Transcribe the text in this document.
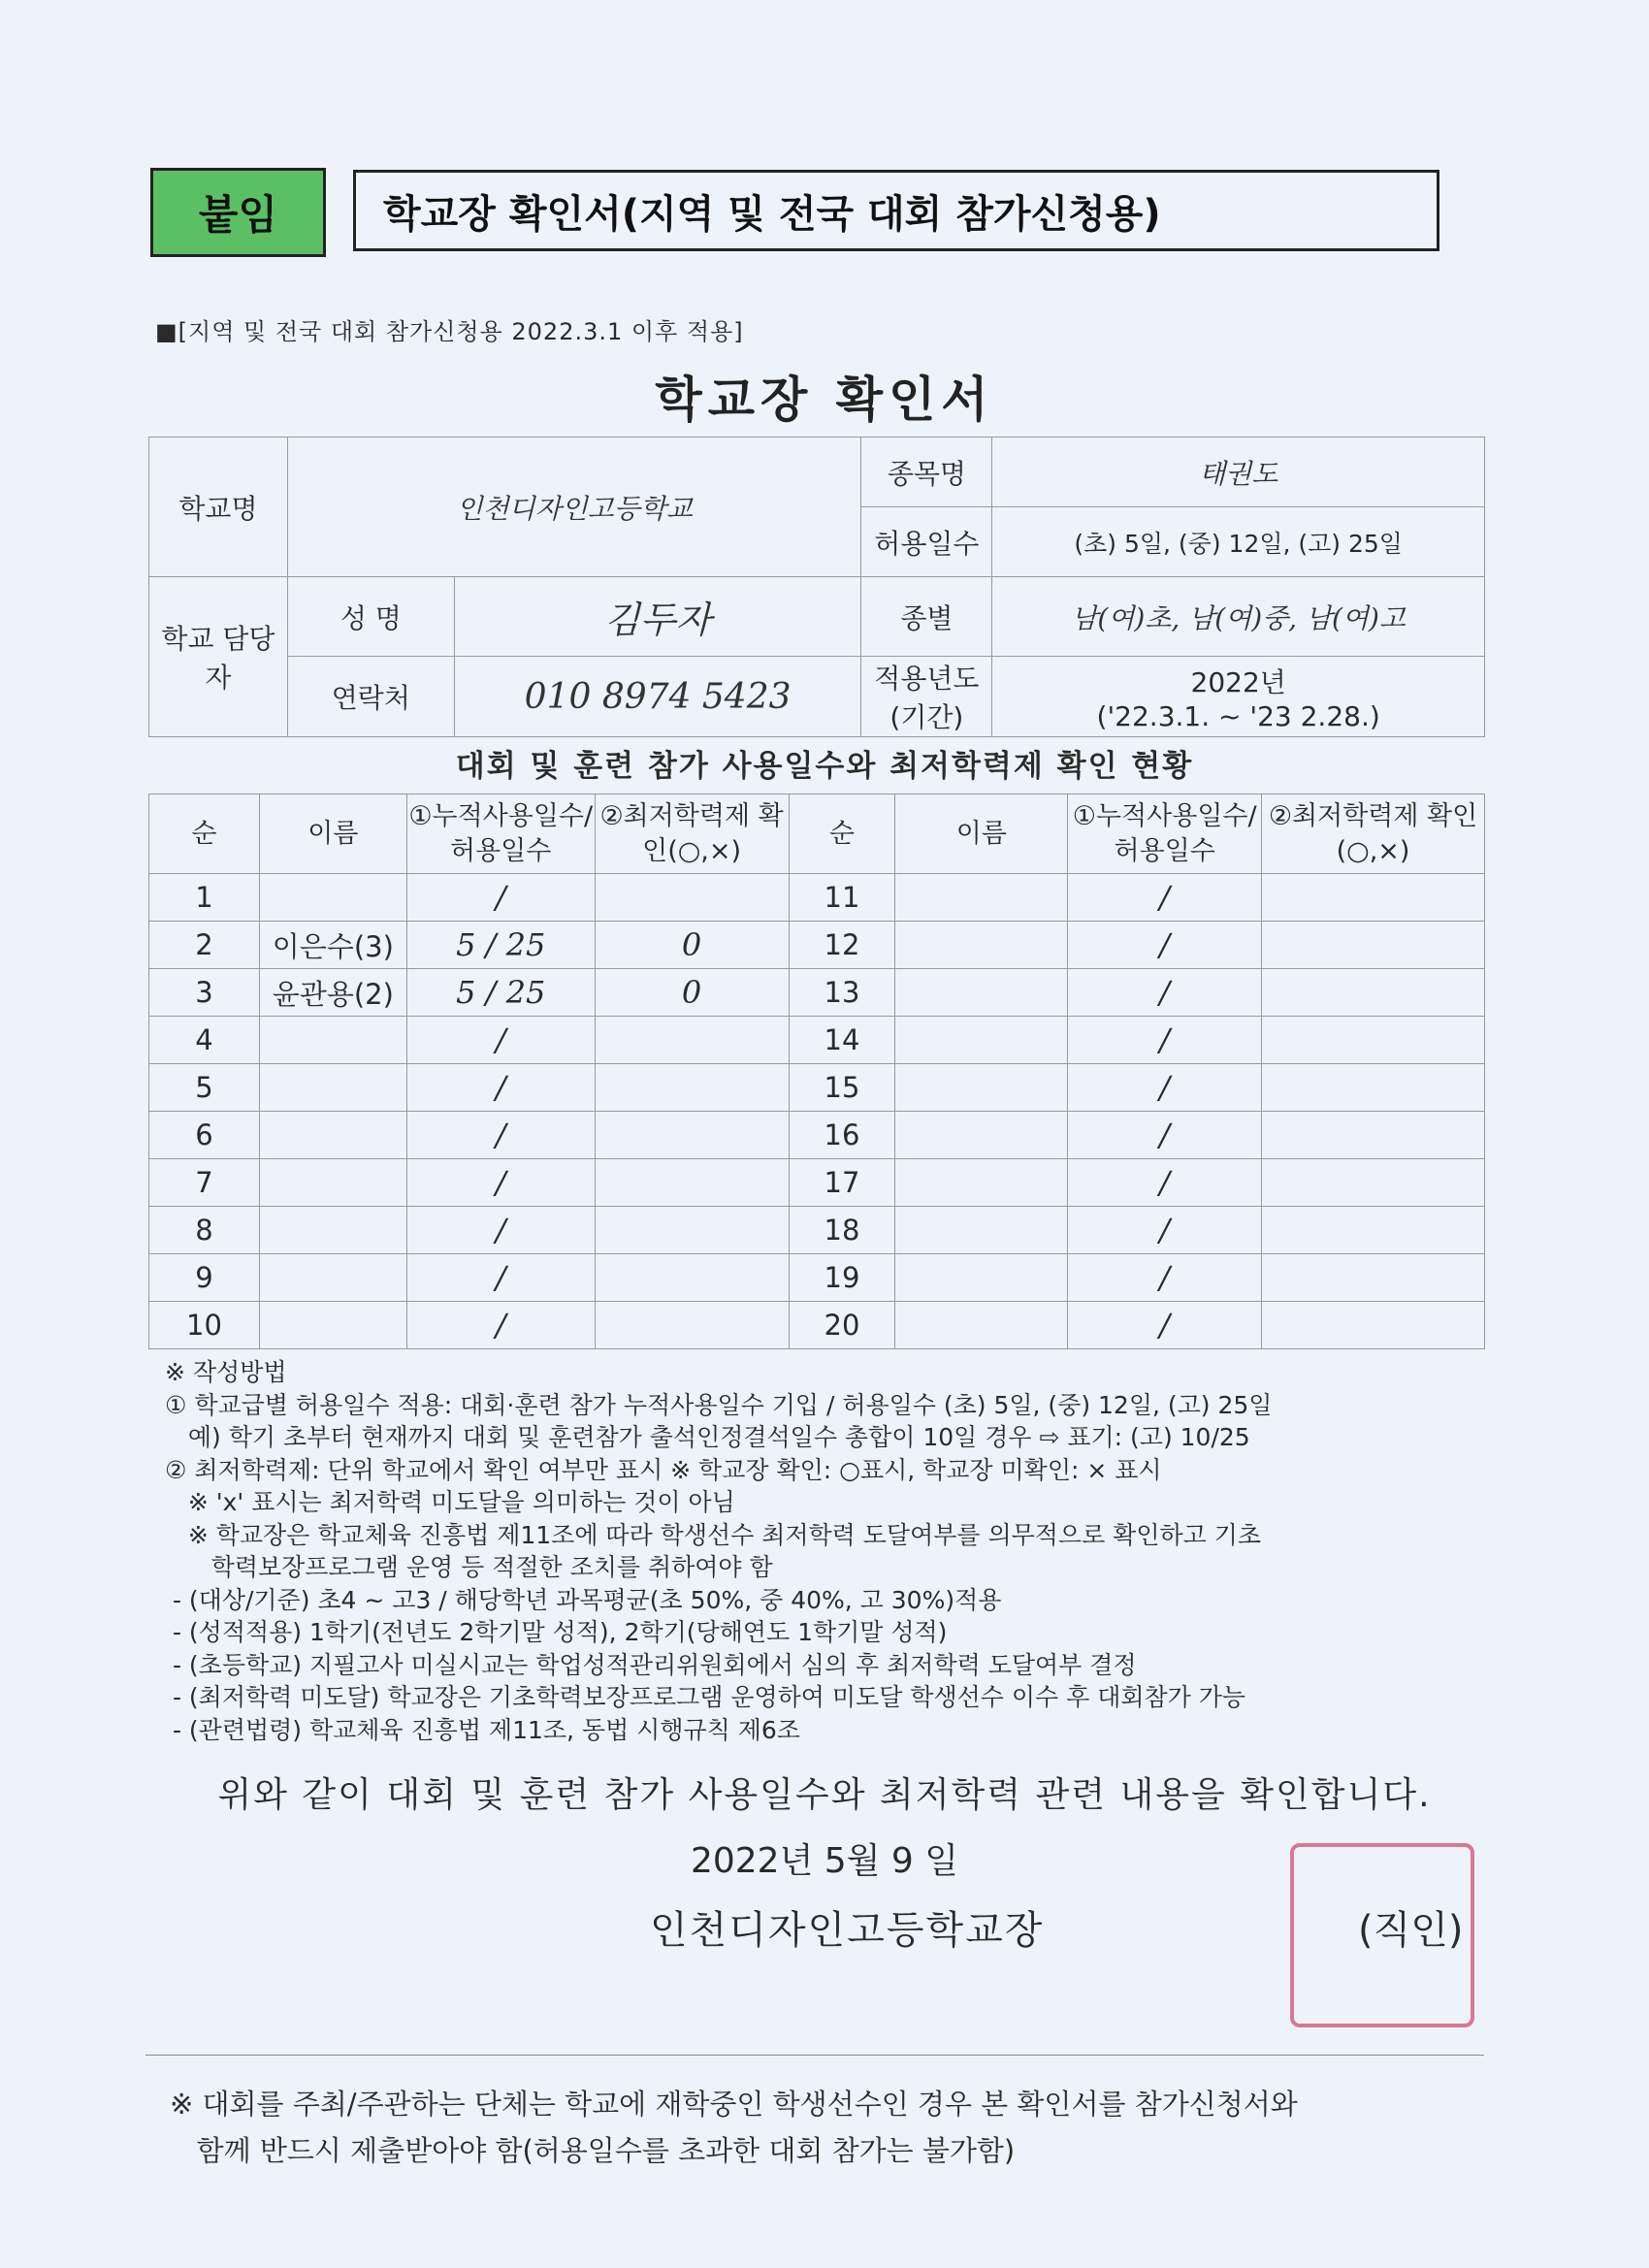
붙임	학교장 확인서(지역 및 전국 대회 참가신청용)
■[지역 및 전국 대회 참가신청용 2022.3.1 이후 적용]
학교장 확인서
학교명	인천디자인고등학교		종목명	태권도
			허용일수	(초) 5일, (중) 12일, (고) 25일
학교 담당자	성 명	김두자	종별	남(여)초, 남(여)중, 남(여)고
	연락처	010 8974 5423	적용년도 (기간)	2022년
('22.3.1. ~ '23 2.28.)
대회 및 훈련 참가 사용일수와 최저학력제 확인 현황
순	이름	①누적사용일수/허용일수	②최저학력제 확인(○,×)	순	이름	①누적사용일수/허용일수	②최저학력제 확인(○,×)
1		/		11		/	
2	이은수(3)	5 / 25	0	12		/	
3	윤관용(2)	5 / 25	0	13		/	
4		/		14		/	
5		/		15		/	
6		/		16		/	
7		/		17		/	
8		/		18		/	
9		/		19		/	
10		/		20		/	
※ 작성방법
① 학교급별 허용일수 적용: 대회·훈련 참가 누적사용일수 기입 / 허용일수 (초) 5일, (중) 12일, (고) 25일
예) 학기 초부터 현재까지 대회 및 훈련참가 출석인정결석일수 총합이 10일 경우 ⇨ 표기: (고) 10/25
② 최저학력제: 단위 학교에서 확인 여부만 표시 ※ 학교장 확인: ○표시, 학교장 미확인: × 표시
※ 'x' 표시는 최저학력 미도달을 의미하는 것이 아님
※ 학교장은 학교체육 진흥법 제11조에 따라 학생선수 최저학력 도달여부를 의무적으로 확인하고 기초
학력보장프로그램 운영 등 적절한 조치를 취하여야 함
- (대상/기준) 초4 ~ 고3 / 해당학년 과목평균(초 50%, 중 40%, 고 30%)적용
- (성적적용) 1학기(전년도 2학기말 성적), 2학기(당해연도 1학기말 성적)
- (초등학교) 지필고사 미실시교는 학업성적관리위원회에서 심의 후 최저학력 도달여부 결정
- (최저학력 미도달) 학교장은 기초학력보장프로그램 운영하여 미도달 학생선수 이수 후 대회참가 가능
- (관련법령) 학교체육 진흥법 제11조, 동법 시행규칙 제6조
위와 같이 대회 및 훈련 참가 사용일수와 최저학력 관련 내용을 확인합니다.
2022년 5월 9 일
인천디자인고등학교장	(직인)
※ 대회를 주최/주관하는 단체는 학교에 재학중인 학생선수인 경우 본 확인서를 참가신청서와
함께 반드시 제출받아야 함(허용일수를 초과한 대회 참가는 불가함)
